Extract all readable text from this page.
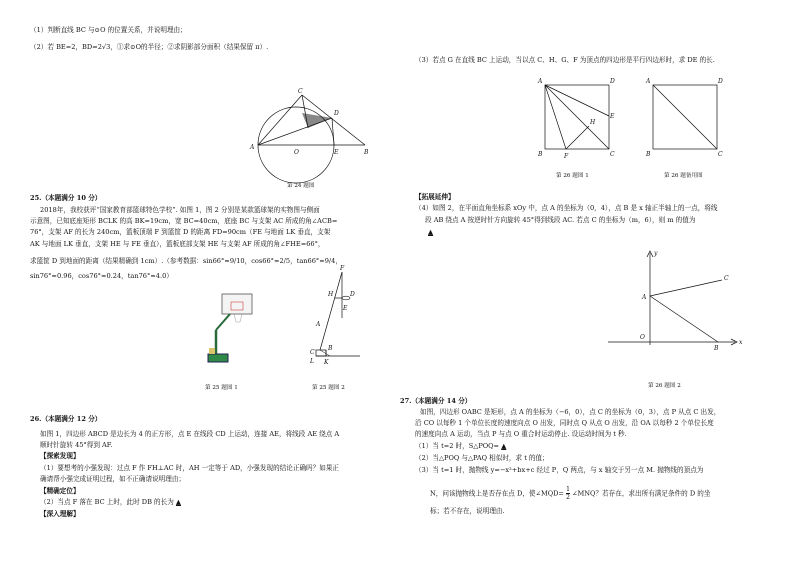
（1）判断直线 BC 与⊙O 的位置关系，并说明理由；
（2）若 BE=2，BD=2√3，①求⊙O的半径；②求阴影部分面积（结果保留 π）.
C
D
A
O	E	B
第 24 题图
25.（本题满分 10 分）
2018年，我校获评“国家教育部篮球特色学校”. 如图 1，图 2 分别是某款篮球架的实物图与侧面
示意图，已知底座矩形 BCLK 的高 BK=19cm，宽 BC=40cm，底座 BC 与支架 AC 所成的角∠ACB=
76°，支架 AF 的长为 240cm，篮板顶端 F 到篮筐 D 的距离 FD=90cm（FE 与地面 LK 垂直，支架
AK 与地面 LK 垂直，支架 HE 与 FE 垂直），篮板底部支架 HE 与支架 AF 所成的角∠FHE=66°，
求篮筐 D 到地面的距离（结果精确到 1cm）.（参考数据：sin66°≈9/10，cos66°≈2/5，tan66°≈9/4，
sin76°≈0.96，cos76°≈0.24，tan76°≈4.0）
第 25 题图 1
F
H	D
E
A
C
B
L K
第 25 题图 2
26.（本题满分 12 分）
如图 1，四边形 ABCD 是边长为 4 的正方形，点 E 在线段 CD 上运动，连接 AE，将线段 AE 绕点 A
顺时针旋转 45°得到 AF.
【探索发现】
（1）要想考的小强发现：过点 F 作 FH⊥AC 时，AH 一定等于 AD，小强发现的结论正确吗？如果正
确请帮小强完成证明过程，如不正确请说明理由；
【精确定位】
（2）当点 F 落在 BC 上时，此时 DB 的长为 ▲
【深入理解】
（3）若点 G 在直线 BC 上运动，当以点 C、H、G、F 为顶点的四边形是平行四边形时，求 DE 的长.
A	D
H
E
B	F	C
第 26 题图 1
A	D
B	C
第 26 题备用图
【拓展延伸】
（4）如图 2，在平面直角坐标系 xOy 中，点 A 的坐标为（0，4），点 B 是 x 轴正半轴上的一点，将线
段 AB 绕点 A 按逆时针方向旋转 45°得到线段 AC. 若点 C 的坐标为（m，6），则 m 的值为
▲
y
C
A
O
B
x
第 26 题图 2
27.（本题满分 14 分）
如图，四边形 OABC 是矩形，点 A 的坐标为（−6，0），点 C 的坐标为（0，3），点 P 从点 C 出发，
沿 CO 以每秒 1 个单位长度的速度向点 O 出发，同时点 Q 从点 O 出发，沿 OA 以每秒 2 个单位长度
的速度向点 A 运动，当点 P 与点 O 重合时运动停止. 设运动时间为 t 秒.
（1）当 t=2 时，S△POQ= ▲
（2）当△POQ 与△PAQ 相似时，求 t 的值；
（3）当 t=1 时，抛物线 y=−x²+bx+c 经过 P，Q 两点，与 x 轴交于另一点 M. 抛物线的顶点为
N，问该抛物线上是否存在点 D，使∠MQD= $\frac{1}{2}$ ∠MNQ？若存在，求出所有满足条件的 D 的坐
标；若不存在，说明理由.
